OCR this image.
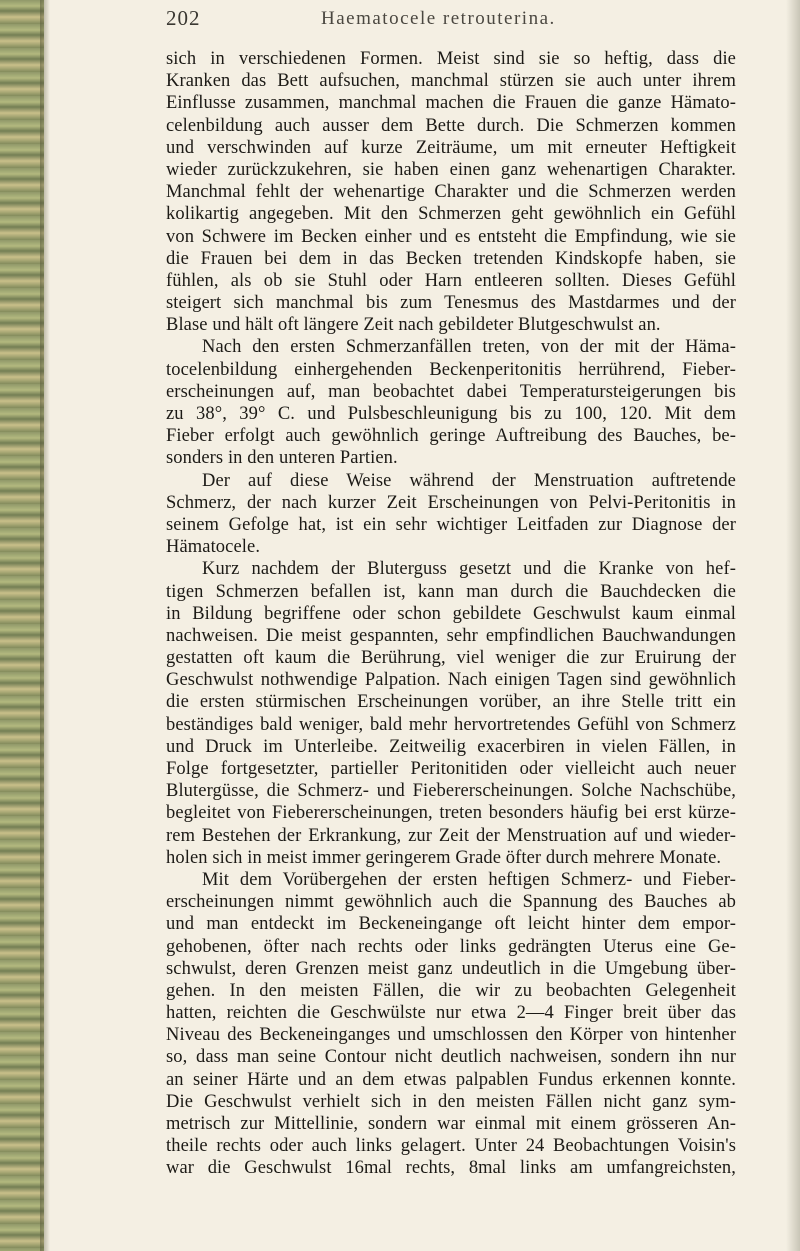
202	Haematocele retrouterina.
sich in verschiedenen Formen. Meist sind sie so heftig, dass die
Kranken das Bett aufsuchen, manchmal stürzen sie auch unter ihrem
Einflusse zusammen, manchmal machen die Frauen die ganze Hämato-
celenbildung auch ausser dem Bette durch. Die Schmerzen kommen
und verschwinden auf kurze Zeiträume, um mit erneuter Heftigkeit
wieder zurückzukehren, sie haben einen ganz wehenartigen Charakter.
Manchmal fehlt der wehenartige Charakter und die Schmerzen werden
kolikartig angegeben. Mit den Schmerzen geht gewöhnlich ein Gefühl
von Schwere im Becken einher und es entsteht die Empfindung, wie sie
die Frauen bei dem in das Becken tretenden Kindskopfe haben, sie
fühlen, als ob sie Stuhl oder Harn entleeren sollten. Dieses Gefühl
steigert sich manchmal bis zum Tenesmus des Mastdarmes und der
Blase und hält oft längere Zeit nach gebildeter Blutgeschwulst an.
Nach den ersten Schmerzanfällen treten, von der mit der Häma-
tocelenbildung einhergehenden Beckenperitonitis herrührend, Fieber-
erscheinungen auf, man beobachtet dabei Temperatursteigerungen bis
zu 38°, 39° C. und Pulsbeschleunigung bis zu 100, 120. Mit dem
Fieber erfolgt auch gewöhnlich geringe Auftreibung des Bauches, be-
sonders in den unteren Partien.
Der auf diese Weise während der Menstruation auftretende
Schmerz, der nach kurzer Zeit Erscheinungen von Pelvi-Peritonitis in
seinem Gefolge hat, ist ein sehr wichtiger Leitfaden zur Diagnose der
Hämatocele.
Kurz nachdem der Bluterguss gesetzt und die Kranke von hef-
tigen Schmerzen befallen ist, kann man durch die Bauchdecken die
in Bildung begriffene oder schon gebildete Geschwulst kaum einmal
nachweisen. Die meist gespannten, sehr empfindlichen Bauchwandungen
gestatten oft kaum die Berührung, viel weniger die zur Eruirung der
Geschwulst nothwendige Palpation. Nach einigen Tagen sind gewöhnlich
die ersten stürmischen Erscheinungen vorüber, an ihre Stelle tritt ein
beständiges bald weniger, bald mehr hervortretendes Gefühl von Schmerz
und Druck im Unterleibe. Zeitweilig exacerbiren in vielen Fällen, in
Folge fortgesetzter, partieller Peritonitiden oder vielleicht auch neuer
Blutergüsse, die Schmerz- und Fiebererscheinungen. Solche Nachschübe,
begleitet von Fiebererscheinungen, treten besonders häufig bei erst kürze-
rem Bestehen der Erkrankung, zur Zeit der Menstruation auf und wieder-
holen sich in meist immer geringerem Grade öfter durch mehrere Monate.
Mit dem Vorübergehen der ersten heftigen Schmerz- und Fieber-
erscheinungen nimmt gewöhnlich auch die Spannung des Bauches ab
und man entdeckt im Beckeneingange oft leicht hinter dem empor-
gehobenen, öfter nach rechts oder links gedrängten Uterus eine Ge-
schwulst, deren Grenzen meist ganz undeutlich in die Umgebung über-
gehen. In den meisten Fällen, die wir zu beobachten Gelegenheit
hatten, reichten die Geschwülste nur etwa 2—4 Finger breit über das
Niveau des Beckeneinganges und umschlossen den Körper von hintenher
so, dass man seine Contour nicht deutlich nachweisen, sondern ihn nur
an seiner Härte und an dem etwas palpablen Fundus erkennen konnte.
Die Geschwulst verhielt sich in den meisten Fällen nicht ganz sym-
metrisch zur Mittellinie, sondern war einmal mit einem grösseren An-
theile rechts oder auch links gelagert. Unter 24 Beobachtungen Voisin's
war die Geschwulst 16mal rechts, 8mal links am umfangreichsten,
